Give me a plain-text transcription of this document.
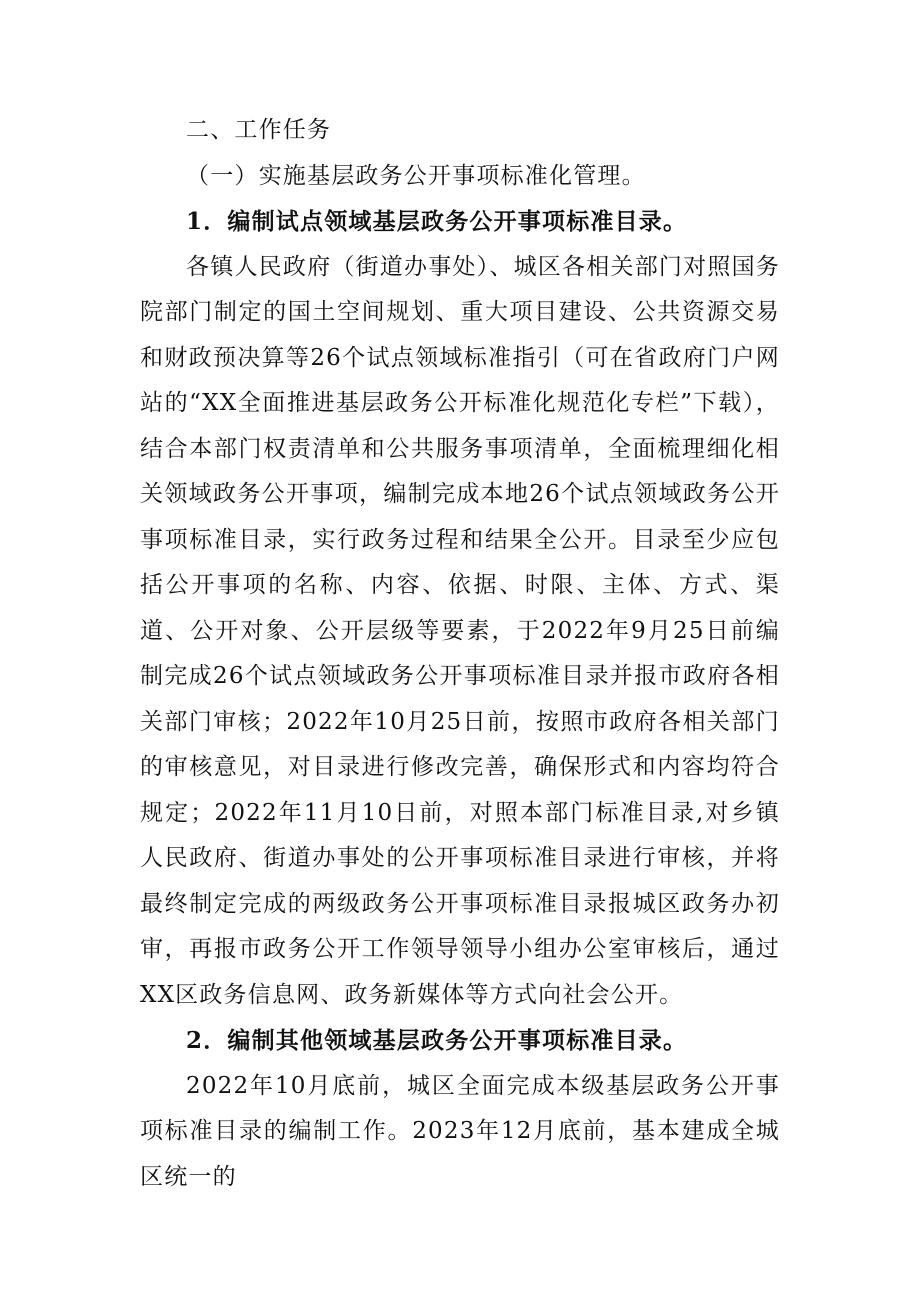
二、工作任务

（一）实施基层政务公开事项标准化管理。

1．编制试点领域基层政务公开事项标准目录。

各镇人民政府（街道办事处）、城区各相关部门对照国务院部门制定的国土空间规划、重大项目建设、公共资源交易和财政预决算等26个试点领域标准指引（可在省政府门户网站的“XX全面推进基层政务公开标准化规范化专栏”下载），结合本部门权责清单和公共服务事项清单，全面梳理细化相关领域政务公开事项，编制完成本地26个试点领域政务公开事项标准目录，实行政务过程和结果全公开。目录至少应包括公开事项的名称、内容、依据、时限、主体、方式、渠道、公开对象、公开层级等要素，于2022年9月25日前编制完成26个试点领域政务公开事项标准目录并报市政府各相关部门审核；2022年10月25日前，按照市政府各相关部门的审核意见，对目录进行修改完善，确保形式和内容均符合规定；2022年11月10日前，对照本部门标准目录,对乡镇人民政府、街道办事处的公开事项标准目录进行审核，并将最终制定完成的两级政务公开事项标准目录报城区政务办初审，再报市政务公开工作领导领导小组办公室审核后，通过XX区政务信息网、政务新媒体等方式向社会公开。

2．编制其他领域基层政务公开事项标准目录。

2022年10月底前，城区全面完成本级基层政务公开事项标准目录的编制工作。2023年12月底前，基本建成全城区统一的
